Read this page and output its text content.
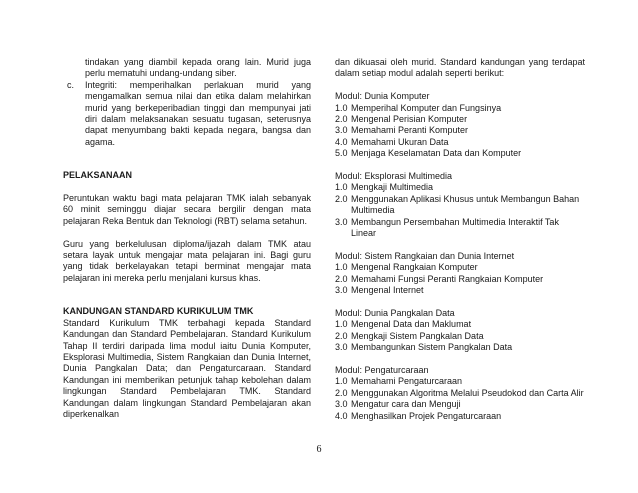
tindakan yang diambil kepada orang lain. Murid juga perlu mematuhi undang-undang siber.

c.	Integriti: memperihalkan perlakuan murid yang mengamalkan semua nilai dan etika dalam melahirkan murid yang berkeperibadian tinggi dan mempunyai jati diri dalam melaksanakan sesuatu tugasan, seterusnya dapat menyumbang bakti kepada negara, bangsa dan agama.

PELAKSANAAN

Peruntukan waktu bagi mata pelajaran TMK ialah sebanyak 60 minit seminggu diajar secara bergilir dengan mata pelajaran Reka Bentuk dan Teknologi (RBT) selama setahun.

Guru yang berkelulusan diploma/ijazah dalam TMK atau setara layak untuk mengajar mata pelajaran ini. Bagi guru yang tidak berkelayakan tetapi berminat mengajar mata pelajaran ini mereka perlu menjalani kursus khas.

KANDUNGAN STANDARD KURIKULUM TMK

Standard Kurikulum TMK terbahagi kepada Standard Kandungan dan Standard Pembelajaran. Standard Kurikulum Tahap II terdiri daripada lima modul iaitu Dunia Komputer, Eksplorasi Multimedia, Sistem Rangkaian dan Dunia Internet, Dunia Pangkalan Data; dan Pengaturcaraan. Standard Kandungan ini memberikan petunjuk tahap kebolehan dalam lingkungan Standard Pembelajaran TMK. Standard Kandungan dalam lingkungan Standard Pembelajaran akan diperkenalkan

dan dikuasai oleh murid. Standard kandungan yang terdapat dalam setiap modul adalah seperti berikut:

Modul: Dunia Komputer

1.0 Memperihal Komputer dan Fungsinya
2.0 Mengenal Perisian Komputer
3.0 Memahami Peranti Komputer
4.0 Memahami Ukuran Data
5.0 Menjaga Keselamatan Data dan Komputer

Modul: Eksplorasi Multimedia

1.0 Mengkaji Multimedia
2.0 Menggunakan Aplikasi Khusus untuk Membangun Bahan Multimedia
3.0 Membangun Persembahan Multimedia Interaktif Tak Linear

Modul: Sistem Rangkaian dan Dunia Internet

1.0 Mengenal Rangkaian Komputer
2.0 Memahami Fungsi Peranti Rangkaian Komputer
3.0 Mengenal Internet

Modul: Dunia Pangkalan Data

1.0 Mengenal Data dan Maklumat
2.0 Mengkaji Sistem Pangkalan Data
3.0 Membangunkan Sistem Pangkalan Data

Modul: Pengaturcaraan

1.0 Memahami Pengaturcaraan
2.0 Menggunakan Algoritma Melalui Pseudokod dan Carta Alir
3.0 Mengatur cara dan Menguji
4.0 Menghasilkan Projek Pengaturcaraan
6
